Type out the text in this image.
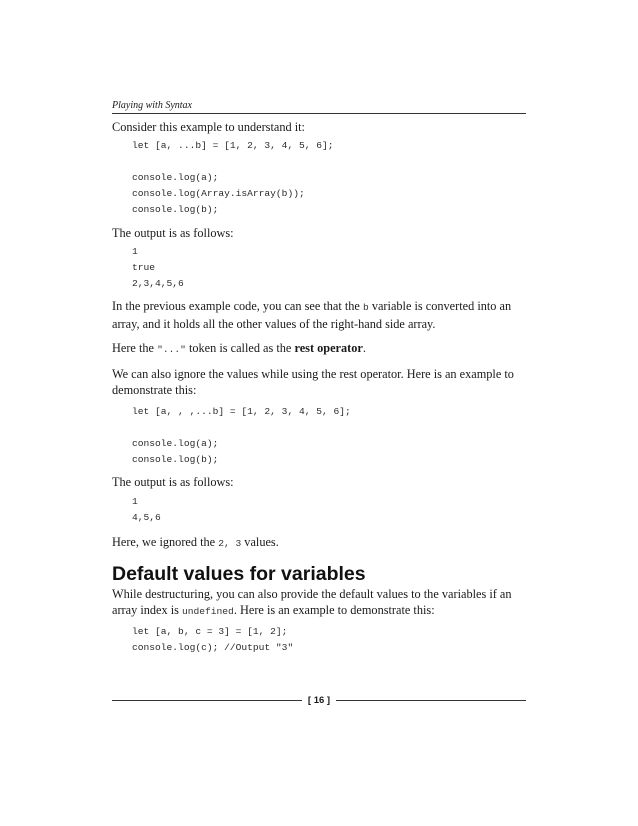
Playing with Syntax

Consider this example to understand it:

let [a, ...b] = [1, 2, 3, 4, 5, 6];

console.log(a);
console.log(Array.isArray(b));
console.log(b);

The output is as follows:

1
true
2,3,4,5,6

In the previous example code, you can see that the b variable is converted into an array, and it holds all the other values of the right-hand side array.

Here the "..." token is called as the rest operator.

We can also ignore the values while using the rest operator. Here is an example to demonstrate this:

let [a, , ,...b] = [1, 2, 3, 4, 5, 6];

console.log(a);
console.log(b);

The output is as follows:

1
4,5,6

Here, we ignored the 2, 3 values.

Default values for variables

While destructuring, you can also provide the default values to the variables if an array index is undefined. Here is an example to demonstrate this:

let [a, b, c = 3] = [1, 2];
console.log(c); //Output "3"
[ 16 ]
